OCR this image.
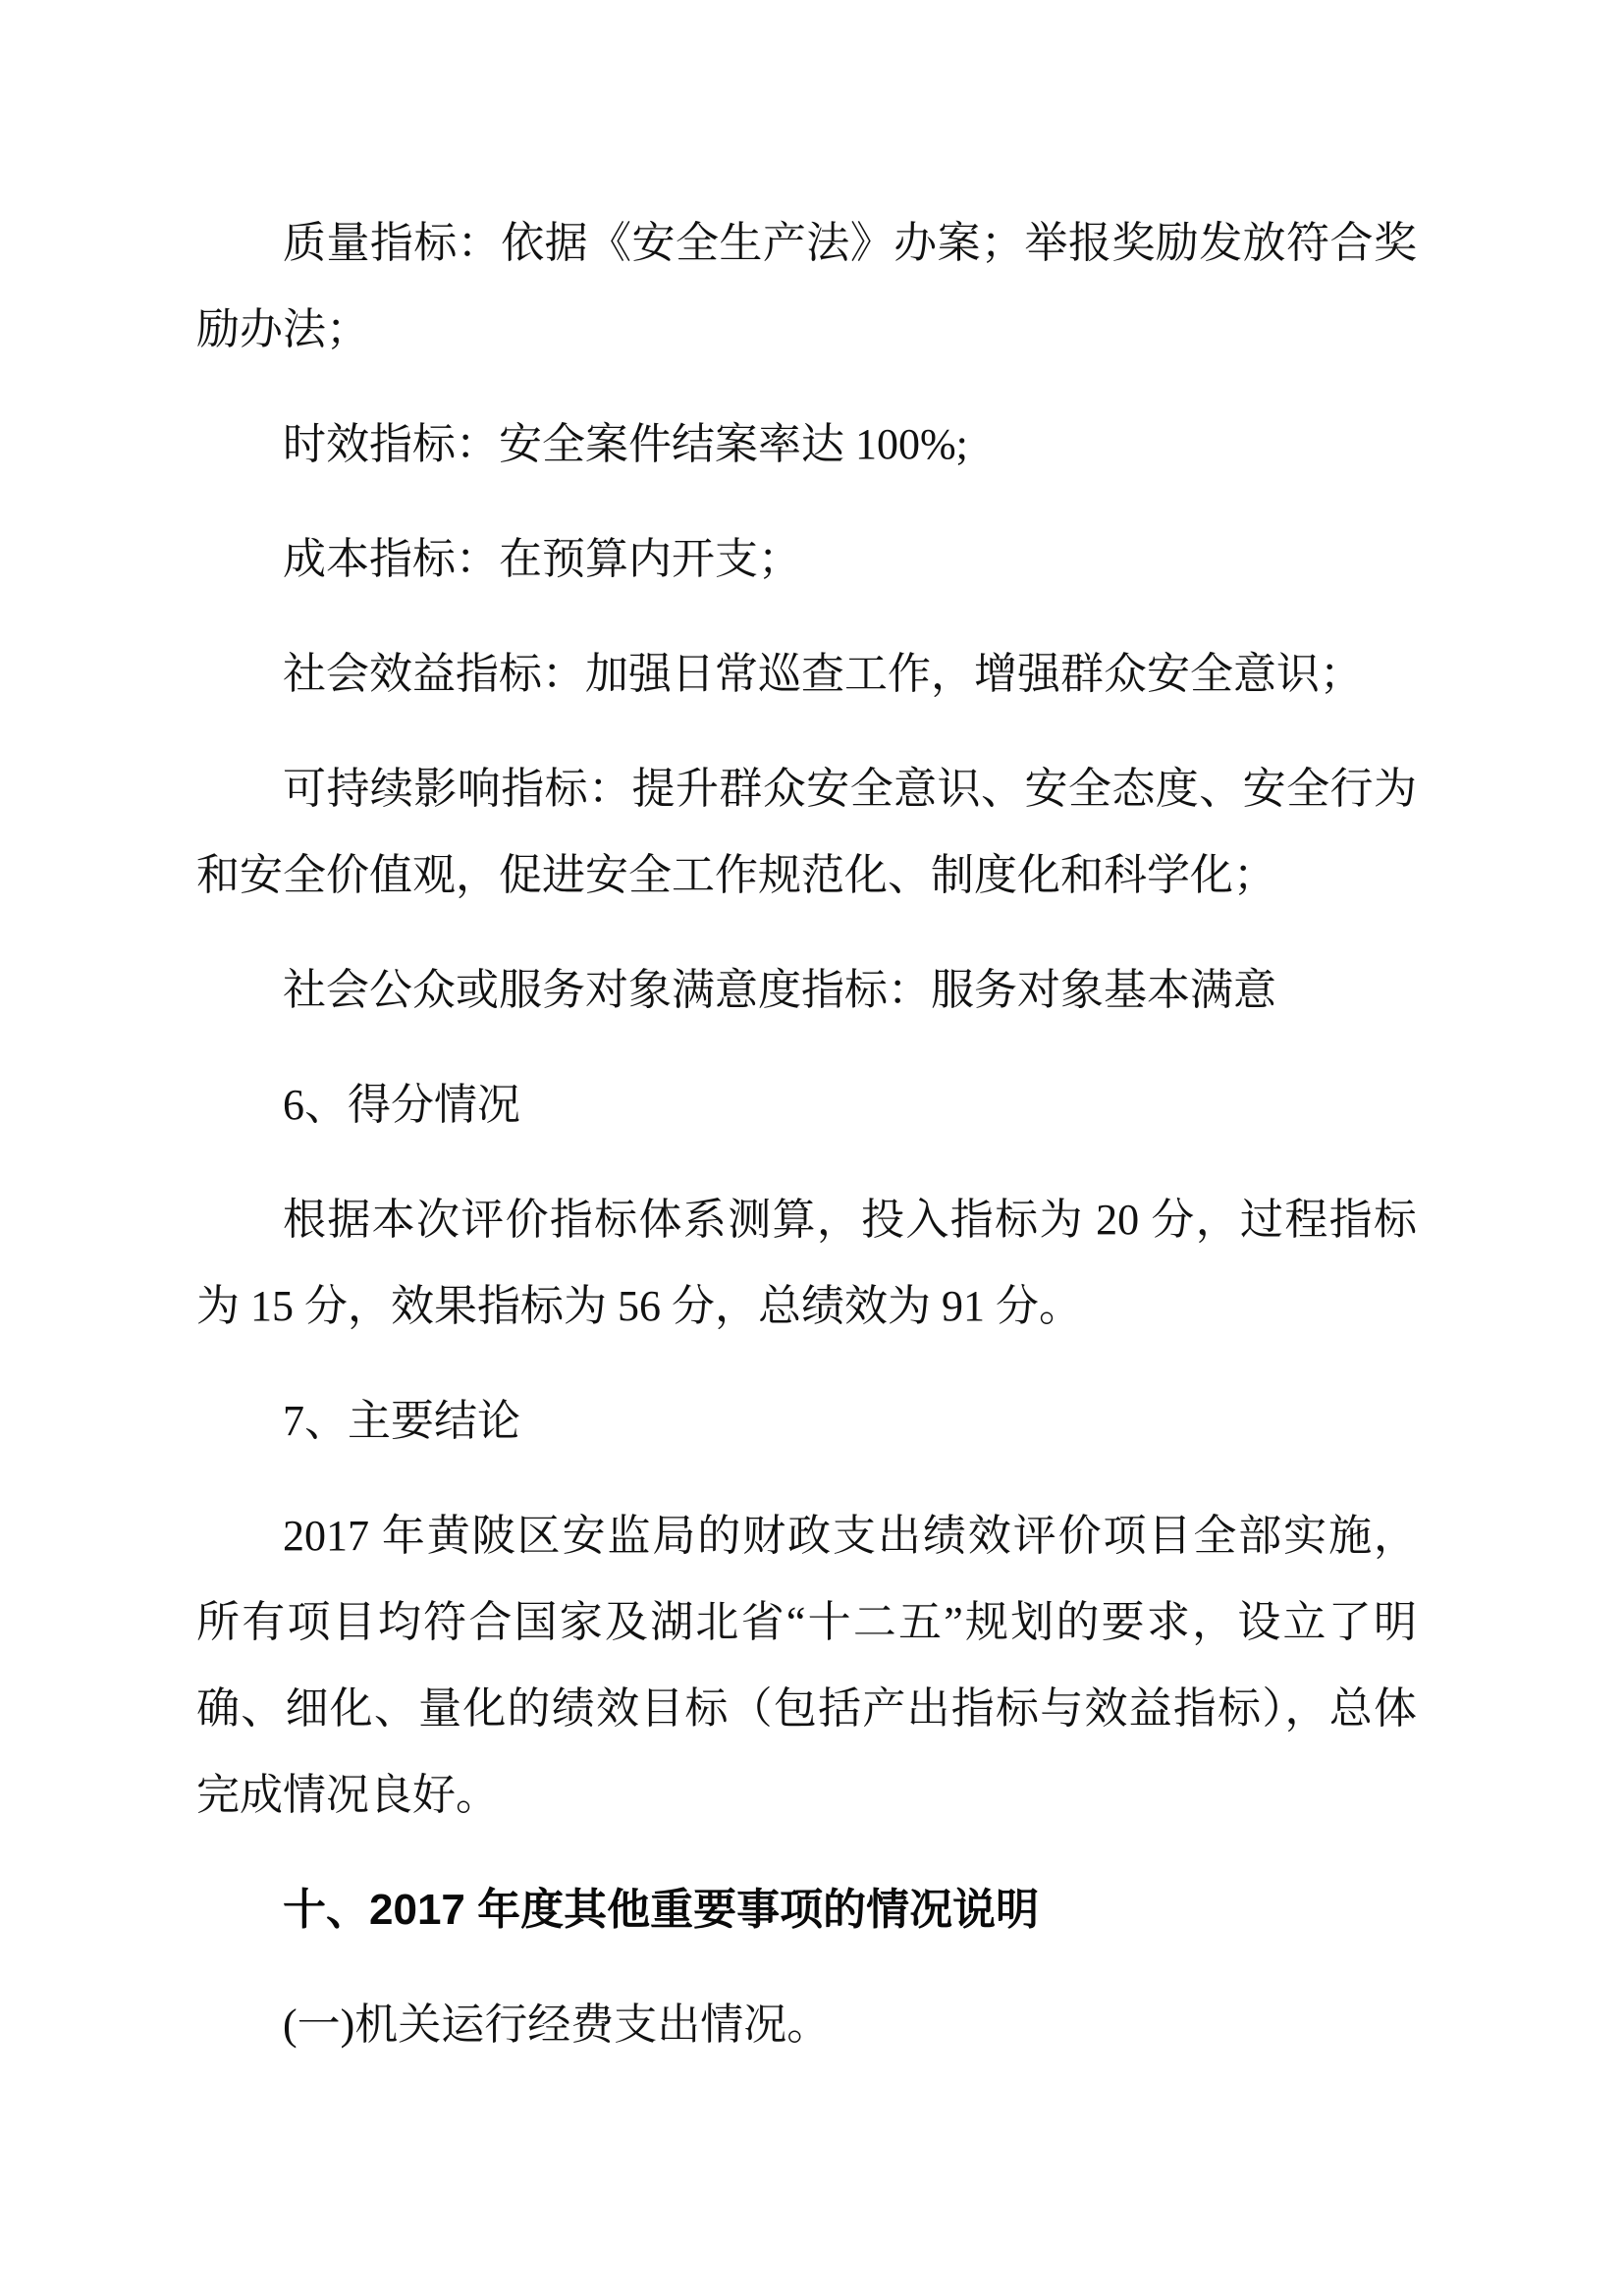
质量指标：依据《安全生产法》办案；举报奖励发放符合奖
励办法；
时效指标：安全案件结案率达 100%;
成本指标：在预算内开支；
社会效益指标：加强日常巡查工作，增强群众安全意识；
可持续影响指标：提升群众安全意识、安全态度、安全行为
和安全价值观，促进安全工作规范化、制度化和科学化；
社会公众或服务对象满意度指标：服务对象基本满意
6、得分情况
根据本次评价指标体系测算，投入指标为 20 分，过程指标
为 15 分，效果指标为 56 分，总绩效为 91 分。
7、主要结论
2017 年黄陂区安监局的财政支出绩效评价项目全部实施，
所有项目均符合国家及湖北省“十二五”规划的要求，设立了明
确、细化、量化的绩效目标（包括产出指标与效益指标），总体
完成情况良好。
十、2017 年度其他重要事项的情况说明
(一)机关运行经费支出情况。
